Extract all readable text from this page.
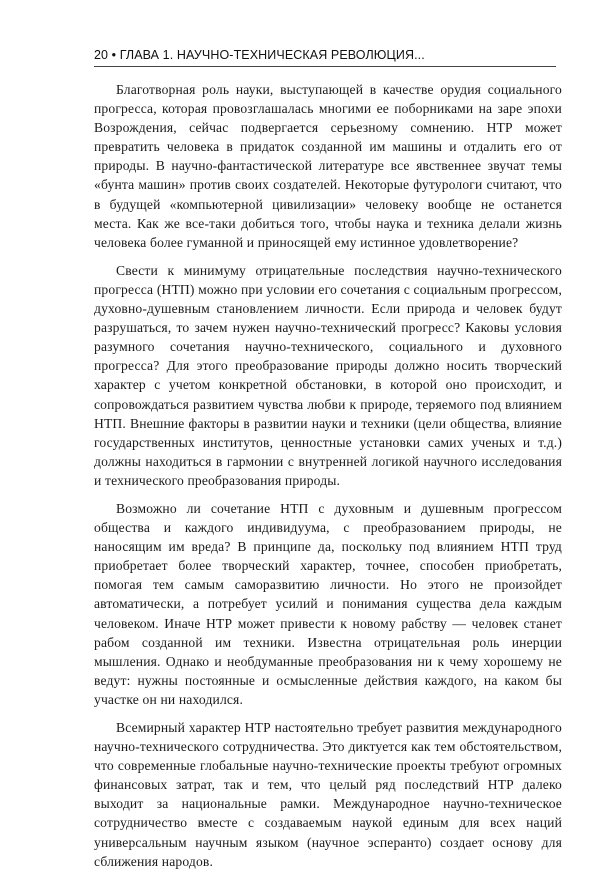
20 • ГЛАВА 1. НАУЧНО-ТЕХНИЧЕСКАЯ РЕВОЛЮЦИЯ...

Благотворная роль науки, выступающей в качестве орудия социального прогресса, которая провозглашалась многими ее поборниками на заре эпохи Возрождения, сейчас подвергается серьезному сомнению. НТР может превратить человека в придаток созданной им машины и отдалить его от природы. В научно-фантастической литературе все явственнее звучат темы «бунта машин» против своих создателей. Некоторые футурологи считают, что в будущей «компьютерной цивилизации» человеку вообще не останется места. Как же все-таки добиться того, чтобы наука и техника делали жизнь человека более гуманной и приносящей ему истинное удовлетворение?

Свести к минимуму отрицательные последствия научно-технического прогресса (НТП) можно при условии его сочетания с социальным прогрессом, духовно-душевным становлением личности. Если природа и человек будут разрушаться, то зачем нужен научно-технический прогресс? Каковы условия разумного сочетания научно-технического, социального и духовного прогресса? Для этого преобразование природы должно носить творческий характер с учетом конкретной обстановки, в которой оно происходит, и сопровождаться развитием чувства любви к природе, теряемого под влиянием НТП. Внешние факторы в развитии науки и техники (цели общества, влияние государственных институтов, ценностные установки самих ученых и т.д.) должны находиться в гармонии с внутренней логикой научного исследования и технического преобразования природы.

Возможно ли сочетание НТП с духовным и душевным прогрессом общества и каждого индивидуума, с преобразованием природы, не наносящим им вреда? В принципе да, поскольку под влиянием НТП труд приобретает более творческий характер, точнее, способен приобретать, помогая тем самым саморазвитию личности. Но этого не произойдет автоматически, а потребует усилий и понимания существа дела каждым человеком. Иначе НТР может привести к новому рабству — человек станет рабом созданной им техники. Известна отрицательная роль инерции мышления. Однако и необдуманные преобразования ни к чему хорошему не ведут: нужны постоянные и осмысленные действия каждого, на каком бы участке он ни находился.

Всемирный характер НТР настоятельно требует развития международного научно-технического сотрудничества. Это диктуется как тем обстоятельством, что современные глобальные научно-технические проекты требуют огромных финансовых затрат, так и тем, что целый ряд последствий НТР далеко выходит за национальные рамки. Международное научно-техническое сотрудничество вместе с создаваемым наукой единым для всех наций универсальным научным языком (научное эсперанто) создает основу для сближения народов.
